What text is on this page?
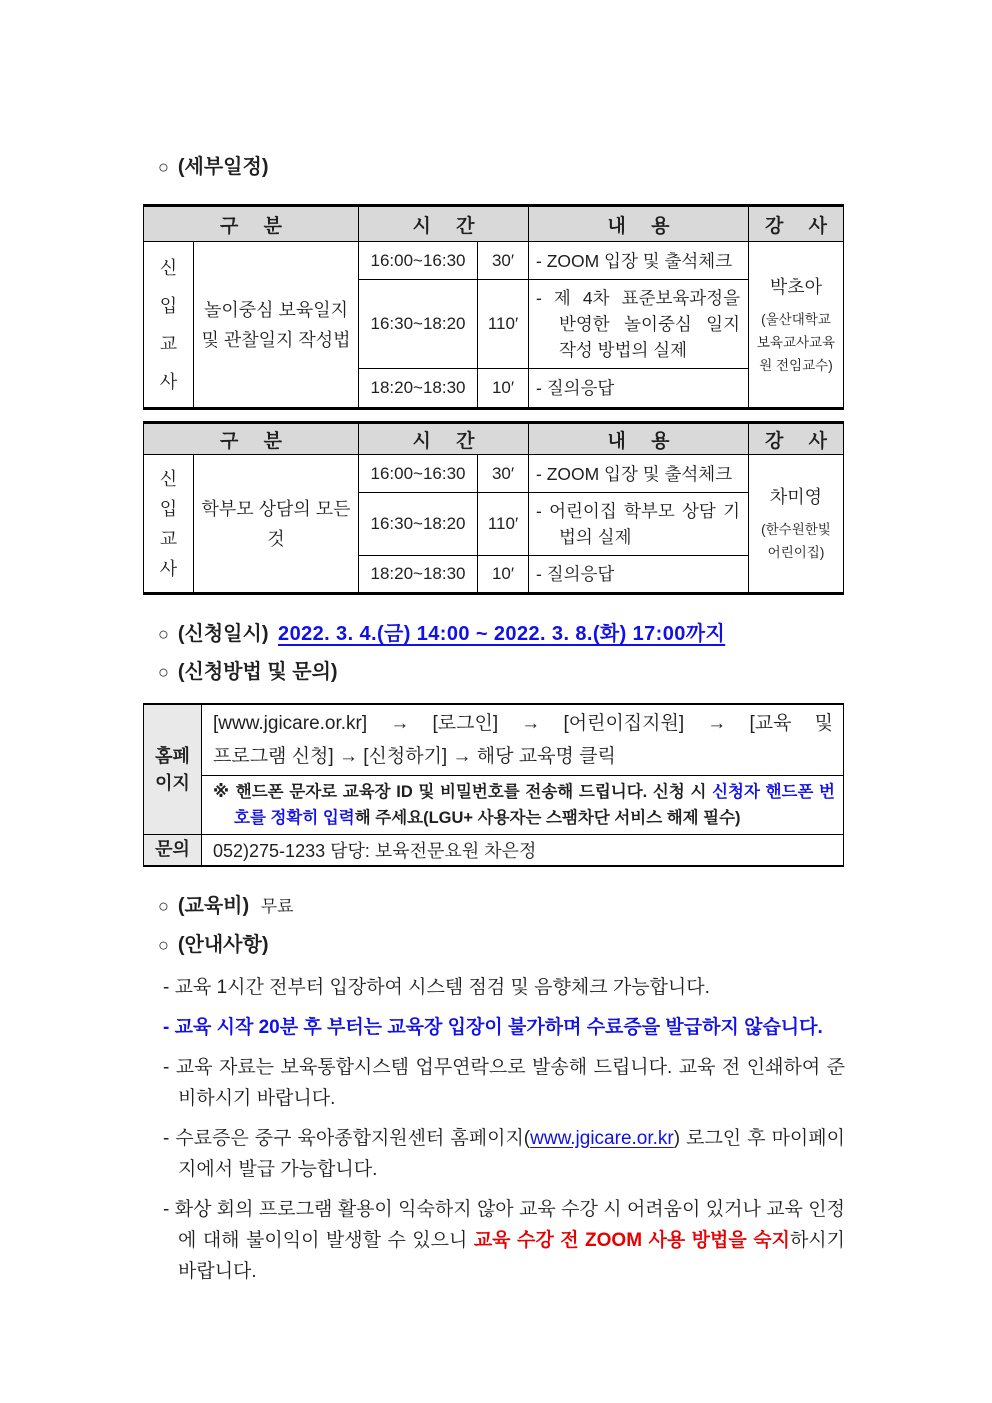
○ (세부일정)
구 분		시 간		내 용	강 사
신입교사	놀이중심 보육일지 및 관찰일지 작성법	16:00~16:30	30′	- ZOOM 입장 및 출석체크	박초아
(울산대학교 보육교사교육원 전임교수)

		16:30~18:20	110′	- 제 4차 표준보육과정을 반영한 놀이중심 일지 작성 방법의 실제	
		18:20~18:30	10′	- 질의응답	
구 분		시 간		내 용	강 사
신입교사	학부모 상담의 모든 것	16:00~16:30	30′	- ZOOM 입장 및 출석체크	차미영
(한수원한빛 어린이집)

		16:30~18:20	110′	- 어린이집 학부모 상담 기법의 실제	
		18:20~18:30	10′	- 질의응답	
○ (신청일시) 2022. 3. 4.(금) 14:00 ~ 2022. 3. 8.(화) 17:00까지
○ (신청방법 및 문의)
홈페이지	[www.jgicare.or.kr] → [로그인] → [어린이집지원] → [교육 및
프로그램 신청] → [신청하기] → 해당 교육명 클릭

	※ 핸드폰 문자로 교육장 ID 및 비밀번호를 전송해 드립니다. 신청 시 신청자 핸드폰 번호를 정확히 입력해 주세요(LGU+ 사용자는 스팸차단 서비스 해제 필수)
문의	052)275-1233 담당: 보육전문요원 차은정
○ (교육비) 무료
○ (안내사항)
- 교육 1시간 전부터 입장하여 시스템 점검 및 음향체크 가능합니다.
- 교육 시작 20분 후 부터는 교육장 입장이 불가하며 수료증을 발급하지 않습니다.
- 교육 자료는 보육통합시스템 업무연락으로 발송해 드립니다. 교육 전 인쇄하여 준비하시기 바랍니다.
- 수료증은 중구 육아종합지원센터 홈페이지(www.jgicare.or.kr) 로그인 후 마이페이지에서 발급 가능합니다.
- 화상 회의 프로그램 활용이 익숙하지 않아 교육 수강 시 어려움이 있거나 교육 인정에 대해 불이익이 발생할 수 있으니 교육 수강 전 ZOOM 사용 방법을 숙지하시기 바랍니다.
